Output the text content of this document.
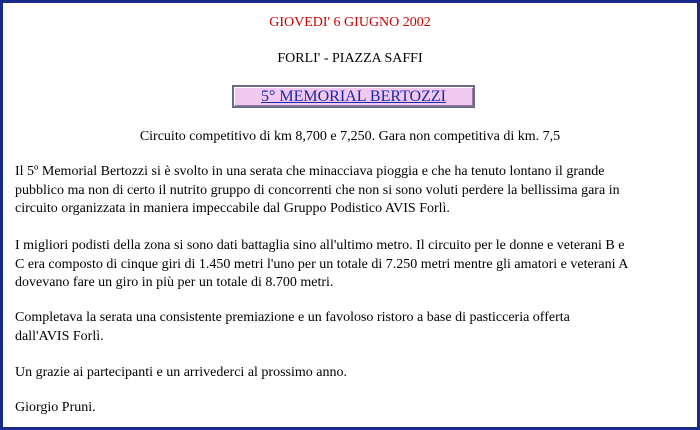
GIOVEDI' 6 GIUGNO 2002
FORLI' - PIAZZA SAFFI
5° MEMORIAL BERTOZZI
Circuito competitivo di km 8,700 e 7,250. Gara non competitiva di km. 7,5
Il 5º Memorial Bertozzi si è svolto in una serata che minacciava pioggia e che ha tenuto lontano il grande
pubblico ma non di certo il nutrito gruppo di concorrenti che non si sono voluti perdere la bellissima gara in
circuito organizzata in maniera impeccabile dal Gruppo Podistico AVIS Forlì.
I migliori podisti della zona si sono dati battaglia sino all'ultimo metro. Il circuito per le donne e veterani B e
C era composto di cinque giri di 1.450 metri l'uno per un totale di 7.250 metri mentre gli amatori e veterani A
dovevano fare un giro in più per un totale di 8.700 metri.
Completava la serata una consistente premiazione e un favoloso ristoro a base di pasticceria offerta
dall'AVIS Forlì.
Un grazie ai partecipanti e un arrivederci al prossimo anno.
Giorgio Pruni.
